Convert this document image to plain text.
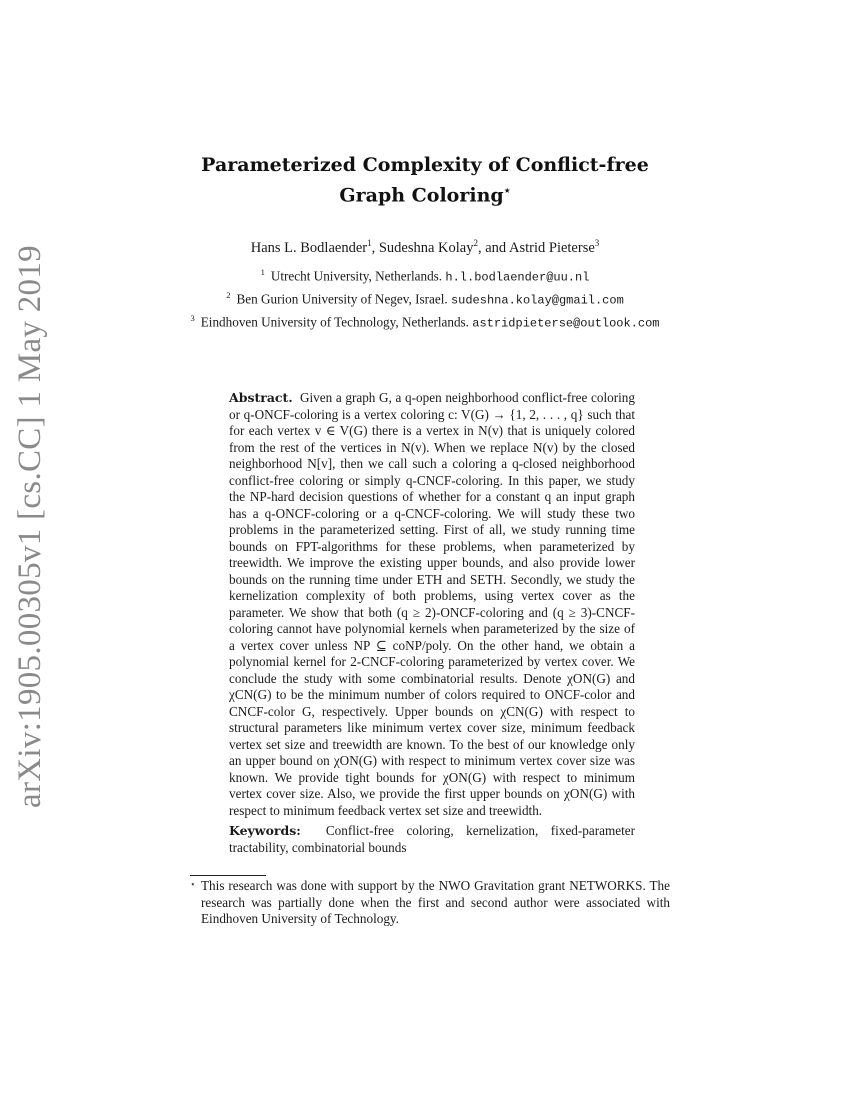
arXiv:1905.00305v1 [cs.CC] 1 May 2019
Parameterized Complexity of Conflict-free
Graph Coloring⋆
Hans L. Bodlaender$^1$, Sudeshna Kolay$^2$, and Astrid Pieterse$^3$
$^1$ Utrecht University, Netherlands. h.l.bodlaender@uu.nl
$^2$ Ben Gurion University of Negev, Israel. sudeshna.kolay@gmail.com
$^3$ Eindhoven University of Technology, Netherlands. astridpieterse@outlook.com

Abstract. Given a graph G, a q-open neighborhood conflict-free coloring or q-ONCF-coloring is a vertex coloring c: V(G) → {1, 2, . . . , q} such that for each vertex v ∈ V(G) there is a vertex in N(v) that is uniquely colored from the rest of the vertices in N(v). When we replace N(v) by the closed neighborhood N[v], then we call such a coloring a q-closed neighborhood conflict-free coloring or simply q-CNCF-coloring. In this paper, we study the NP-hard decision questions of whether for a constant q an input graph has a q-ONCF-coloring or a q-CNCF-coloring. We will study these two problems in the parameterized setting. First of all, we study running time bounds on FPT-algorithms for these problems, when parameterized by treewidth. We improve the existing upper bounds, and also provide lower bounds on the running time under ETH and SETH. Secondly, we study the kernelization complexity of both problems, using vertex cover as the parameter. We show that both (q ≥ 2)-ONCF-coloring and (q ≥ 3)-CNCF-coloring cannot have polynomial kernels when parameterized by the size of a vertex cover unless NP ⊆ coNP/poly. On the other hand, we obtain a polynomial kernel for 2-CNCF-coloring parameterized by vertex cover. We conclude the study with some combinatorial results. Denote χON(G) and χCN(G) to be the minimum number of colors required to ONCF-color and CNCF-color G, respectively. Upper bounds on χCN(G) with respect to structural parameters like minimum vertex cover size, minimum feedback vertex set size and treewidth are known. To the best of our knowledge only an upper bound on χON(G) with respect to minimum vertex cover size was known. We provide tight bounds for χON(G) with respect to minimum vertex cover size. Also, we provide the first upper bounds on χON(G) with respect to minimum feedback vertex set size and treewidth.

Keywords: Conflict-free coloring, kernelization, fixed-parameter tractability, combinatorial bounds
⋆ This research was done with support by the NWO Gravitation grant NETWORKS. The research was partially done when the first and second author were associated with Eindhoven University of Technology.
